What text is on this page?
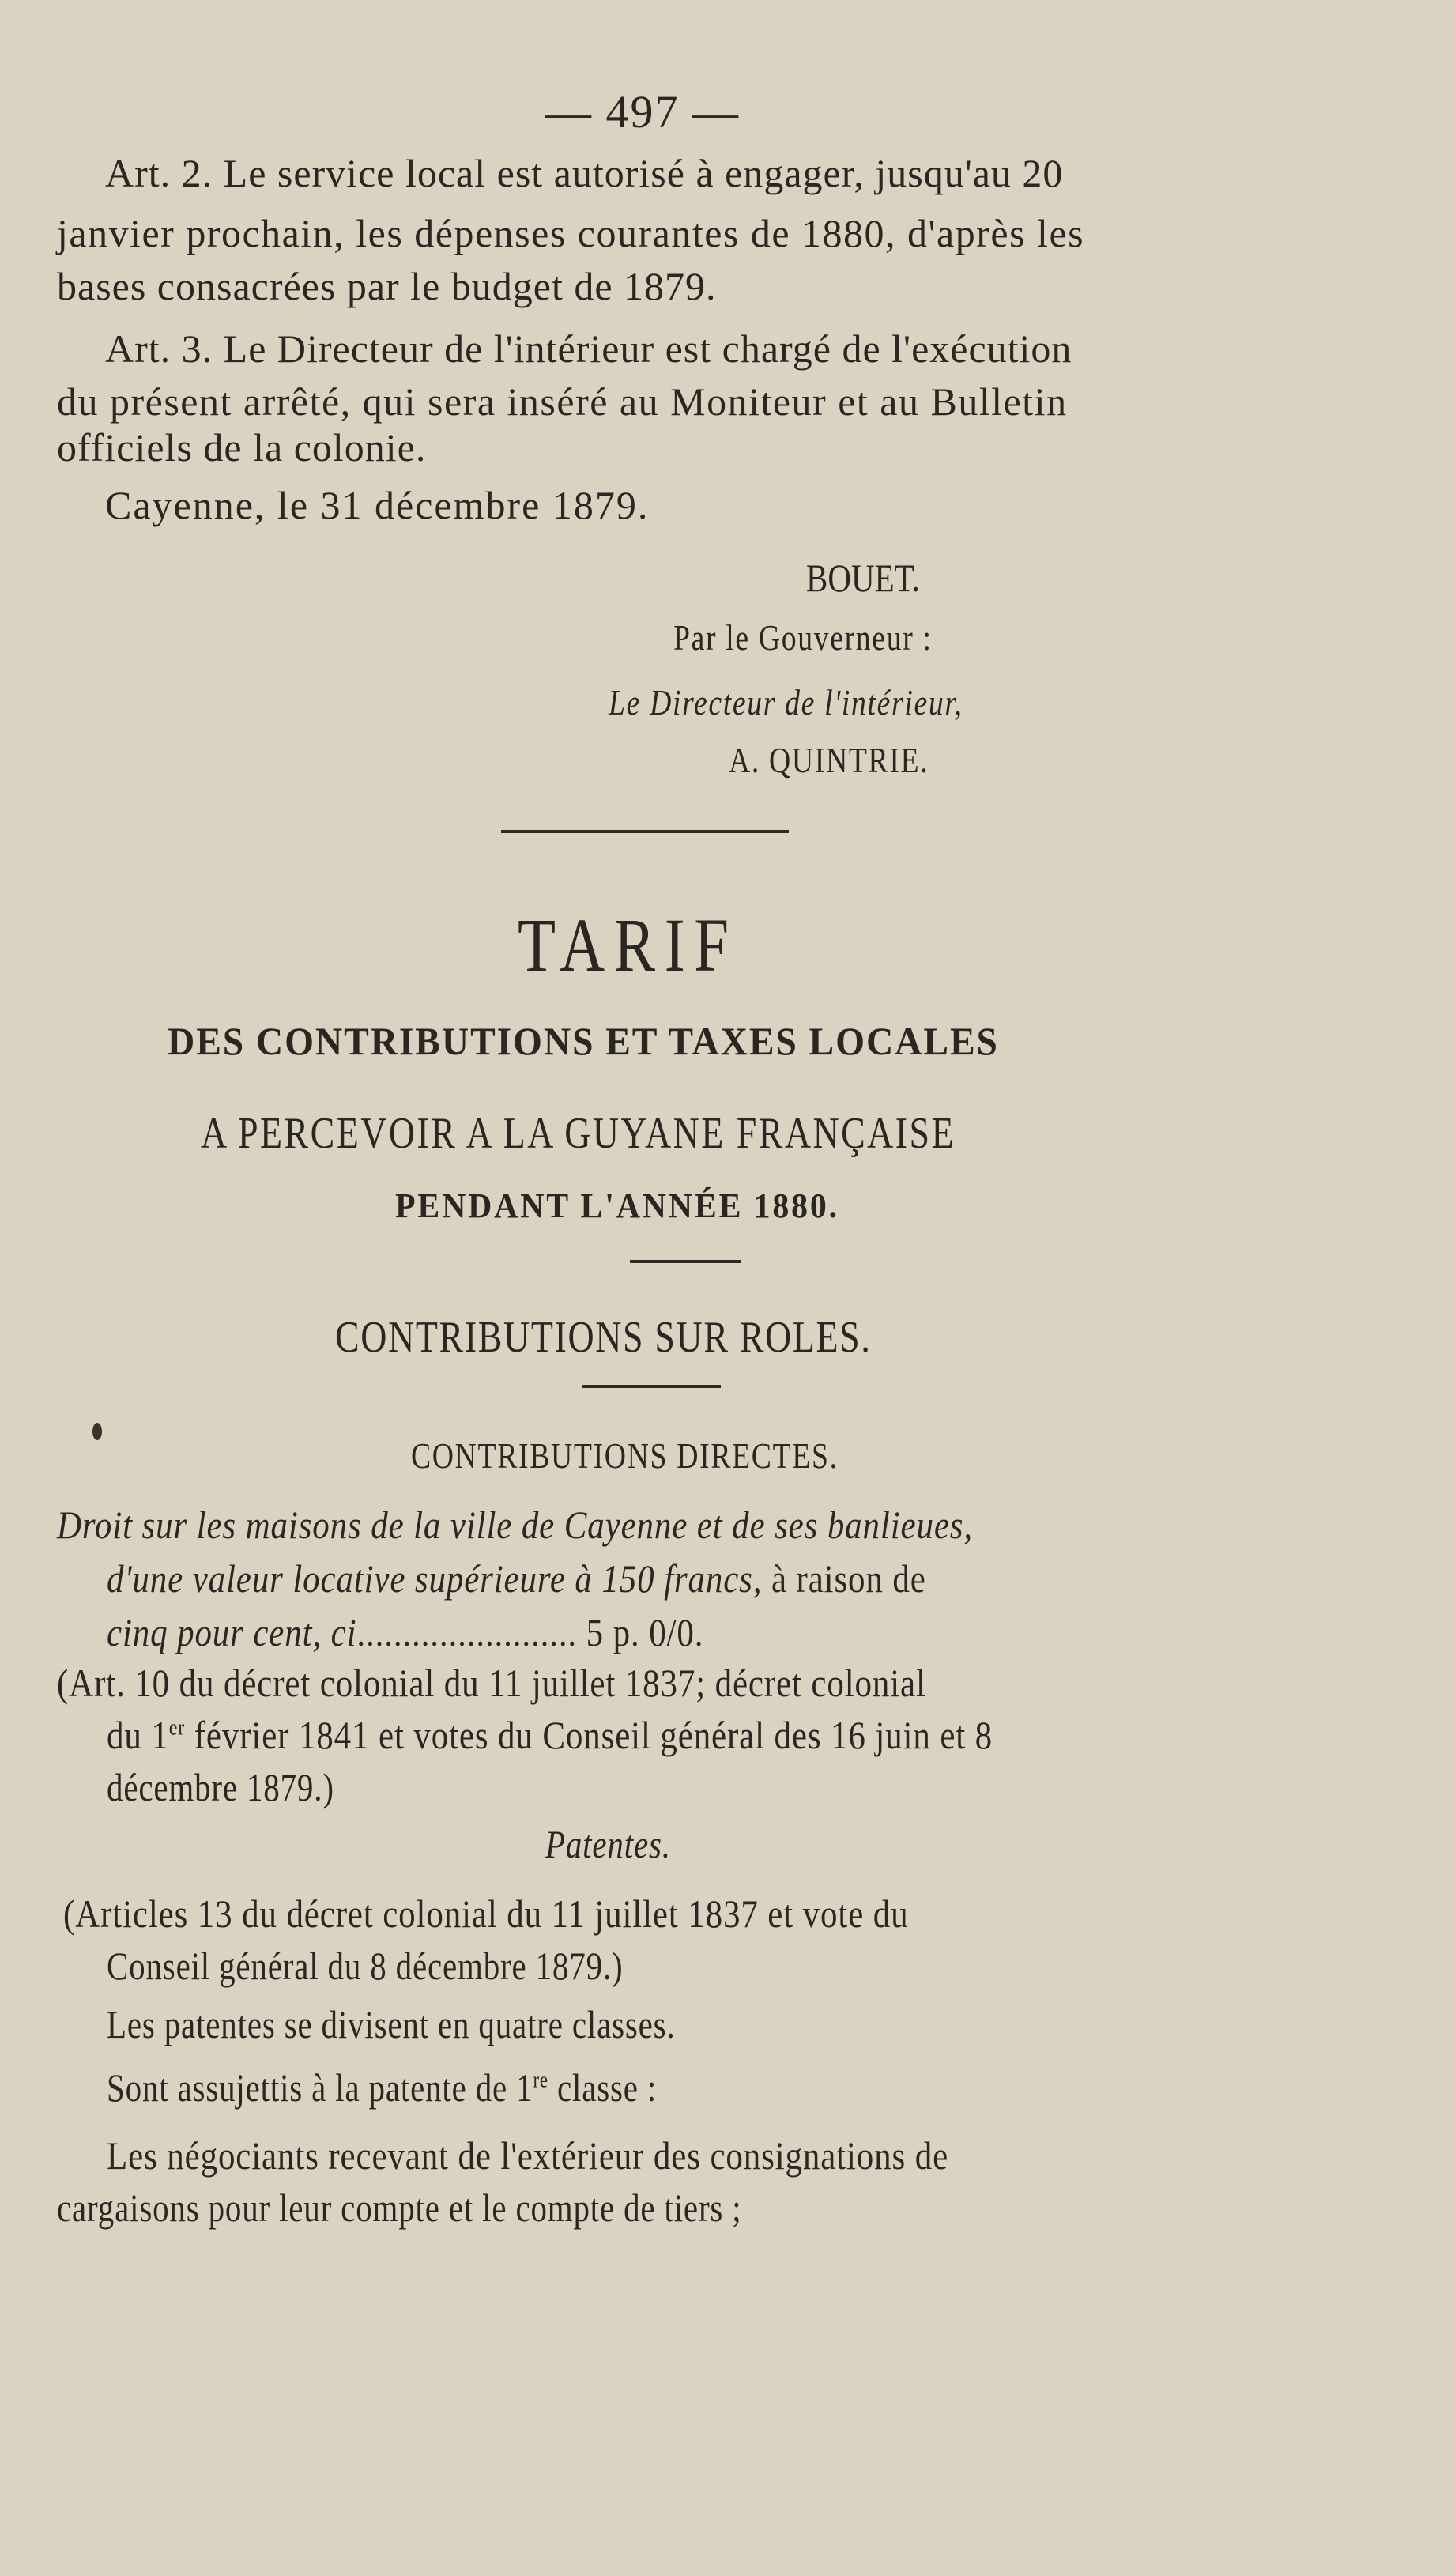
— 497 —
Art. 2. Le service local est autorisé à engager, jusqu'au 20
janvier prochain, les dépenses courantes de 1880, d'après les
bases consacrées par le budget de 1879.
Art. 3. Le Directeur de l'intérieur est chargé de l'exécution
du présent arrêté, qui sera inséré au Moniteur et au Bulletin
officiels de la colonie.
Cayenne, le 31 décembre 1879.
BOUET.
Par le Gouverneur :
Le Directeur de l'intérieur,
A. QUINTRIE.
TARIF
DES CONTRIBUTIONS ET TAXES LOCALES
A PERCEVOIR A LA GUYANE FRANÇAISE
PENDANT L'ANNÉE 1880.
CONTRIBUTIONS SUR ROLES.
CONTRIBUTIONS DIRECTES.
Droit sur les maisons de la ville de Cayenne et de ses banlieues,
d'une valeur locative supérieure à 150 francs, à raison de
cinq pour cent, ci........................ 5 p. 0/0.
(Art. 10 du décret colonial du 11 juillet 1837; décret colonial
du 1er février 1841 et votes du Conseil général des 16 juin et 8
décembre 1879.)
Patentes.
(Articles 13 du décret colonial du 11 juillet 1837 et vote du
Conseil général du 8 décembre 1879.)
Les patentes se divisent en quatre classes.
Sont assujettis à la patente de 1re classe :
Les négociants recevant de l'extérieur des consignations de
cargaisons pour leur compte et le compte de tiers ;
